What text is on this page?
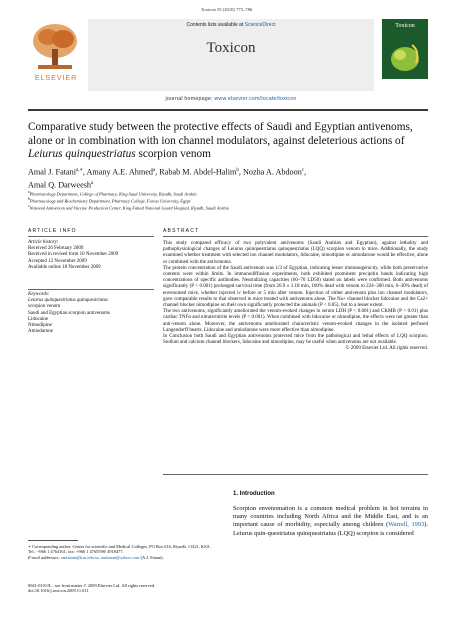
Toxicon 55 (2010) 773–786
ELSEVIER
Contents lists available at ScienceDirect
Toxicon
journal homepage: www.elsevier.com/locate/toxicon
Toxicon
Comparative study between the protective effects of Saudi and Egyptian antivenoms, alone or in combination with ion channel modulators, against deleterious actions of Leiurus quinquestriatus scorpion venom
Amal J. Fatani$^{a,∗}$, Amany A.E. Ahmed$^a$, Rabab M. Abdel-Halim$^b$, Nozha A. Abdoon$^c$,
Amal Q. Darweesh$^a$
$^a$Pharmacology Department, College of Pharmacy, King Saud University, Riyadh, Saudi Arabia
$^b$Pharmacology and Biochemistry Department, Pharmacy College, Faross University, Egypt
$^c$National Antivenom and Vaccine Production Center, King Fahad National Guard Hospital, Riyadh, Saudi Arabia
ARTICLE INFO
Article history:
Received 26 February 2009
Received in revised form 10 November 2009
Accepted 12 November 2009
Available online 18 November 2009
Keywords:
Leiurus quinquestriatus quinquestriatus
scorpion venom
Saudi and Egyptian scorpion antivenoms
Lidocaine
Nimodipine
Amiodarone
ABSTRACT

This study compared efficacy of two polyvalent antivenoms (Saudi Arabian and Egyptian), against lethality and pathophysiological changes of Leiurus quinquestriatus quinquestriatus (LQQ) scorpion venom in mice. Additionally, the study examined whether treatment with selected ion channel modulators, lidocaine, nimodipine or amiodarone would be effective, alone or combined with the antivenoms.

The protein concentration of the Saudi antivenom was 1/3 of Egyptian, indicating lesser immunogenicity, while both preservative contents were within limits. In immunodiffusion experiments, both exhibited prominent precipitin bands indicating high concentrations of specific antibodies. Neutralizing capacities (60–70 LD50) stated on labels were confirmed. Both antivenoms significantly (P < 0.001) prolonged survival time (from 26.9 ± 1.18 min, 100% dead with venom to 224–300 min, 0–30% dead) of envenomed mice, whether injected iv before or 5 min after venom. Injection of either antivenom plus ion channel modulators, gave comparable results to that observed in mice treated with antivenoms alone. The Na+ channel blocker lidocaine and the Ca2+ channel blocker nimodipine on their own significantly protected the animals (P < 0.05), but to a lesser extent.

The two antivenoms, significantly ameliorated the venom-evoked changes in serum LDH (P < 0.001) and CKMB (P < 0.01) plus cardiac TNFα and nitrate/nitrite levels (P < 0.001). When combined with lidocaine or nimodipine, the effects were not greater than anti-venom alone. Moreover, the antivenoms ameliorated characteristic venom-evoked changes in the isolated perfused Langendorff hearts. Lidocaine and amiodarone were more effective than nimodipine.

In Conclusion both Saudi and Egyptian antivenoms protected mice from the pathological and lethal effects of LQQ scorpion. Sodium and calcium channel blockers, lidocaine and nimodipine, may be useful when antivenoms are not available.

© 2009 Elsevier Ltd. All rights reserved.

1. Introduction
Scorpion envenomation is a common medical problem in hot terrains in many countries including North Africa and the Middle East, and is an important cause of morbidity, especially among children (Warrell, 1993). Leiurus quin-questriatus quinquestriatus (LQQ) scorpion is considered
∗ Corresponding author. Center for scientific and Medical Colleges, PO Box 616, Riyadh, 11421, KSA. Tel.: +966 1 4764161; fax: +966 1 4765598/ 4918477.
E-mail addresses: amfatani@ksu.edu.sa, amfatani@yahoo.com (A.J. Fatani).
0041-0101/$ – see front matter © 2009 Elsevier Ltd. All rights reserved.
doi:10.1016/j.toxicon.2009.11.011
